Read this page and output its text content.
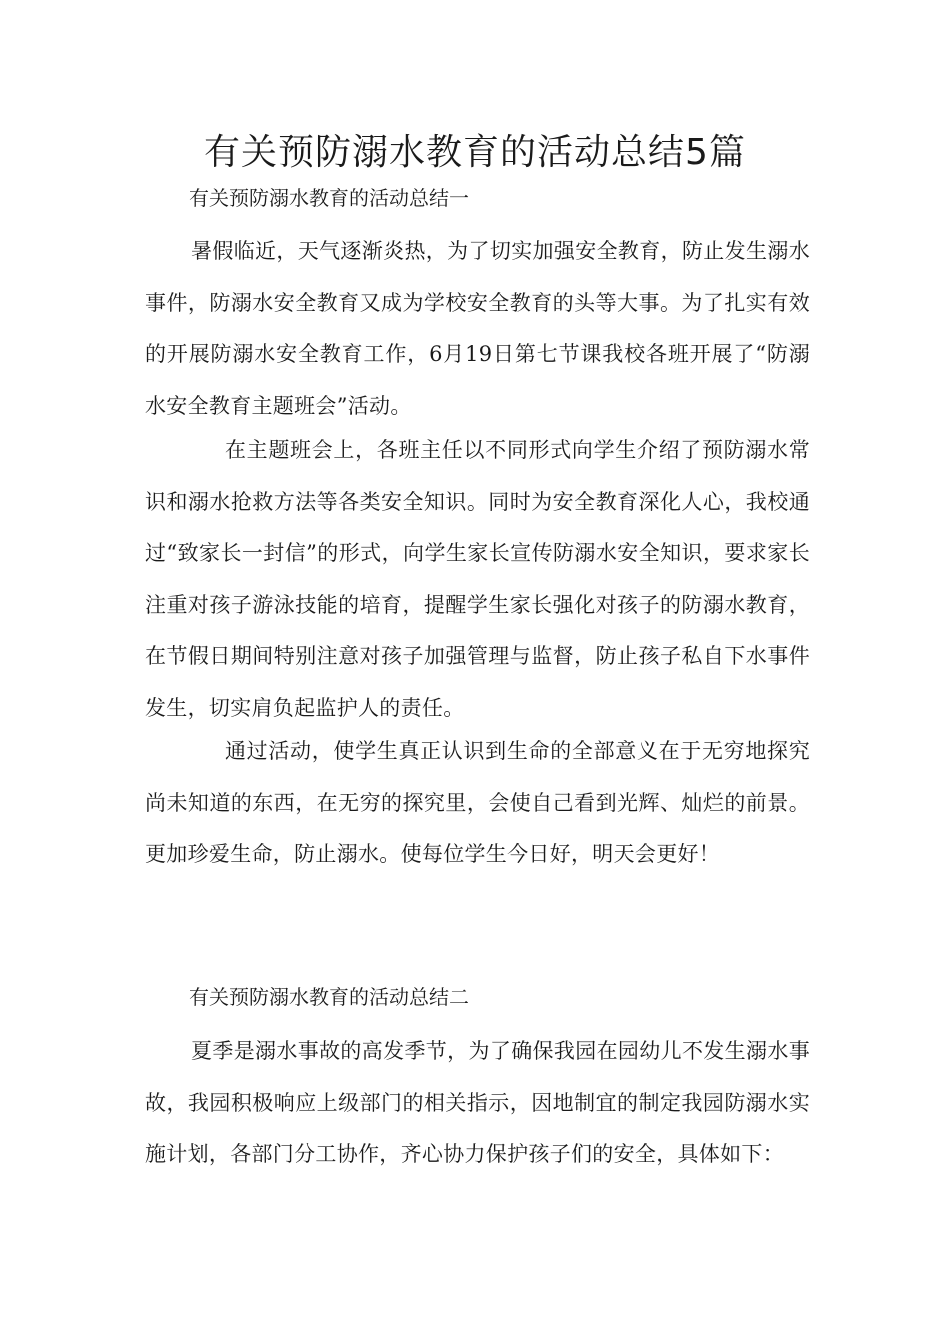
有关预防溺水教育的活动总结5篇
有关预防溺水教育的活动总结一

暑假临近，天气逐渐炎热，为了切实加强安全教育，防止发生溺水事件，防溺水安全教育又成为学校安全教育的头等大事。为了扎实有效的开展防溺水安全教育工作，6月19日第七节课我校各班开展了“防溺水安全教育主题班会”活动。

在主题班会上，各班主任以不同形式向学生介绍了预防溺水常识和溺水抢救方法等各类安全知识。同时为安全教育深化人心，我校通过“致家长一封信”的形式，向学生家长宣传防溺水安全知识，要求家长注重对孩子游泳技能的培育，提醒学生家长强化对孩子的防溺水教育，在节假日期间特别注意对孩子加强管理与监督，防止孩子私自下水事件发生，切实肩负起监护人的责任。

通过活动，使学生真正认识到生命的全部意义在于无穷地探究尚未知道的东西，在无穷的探究里，会使自己看到光辉、灿烂的前景。更加珍爱生命，防止溺水。使每位学生今日好，明天会更好！

有关预防溺水教育的活动总结二

夏季是溺水事故的高发季节，为了确保我园在园幼儿不发生溺水事故，我园积极响应上级部门的相关指示，因地制宜的制定我园防溺水实施计划，各部门分工协作，齐心协力保护孩子们的安全，具体如下：
